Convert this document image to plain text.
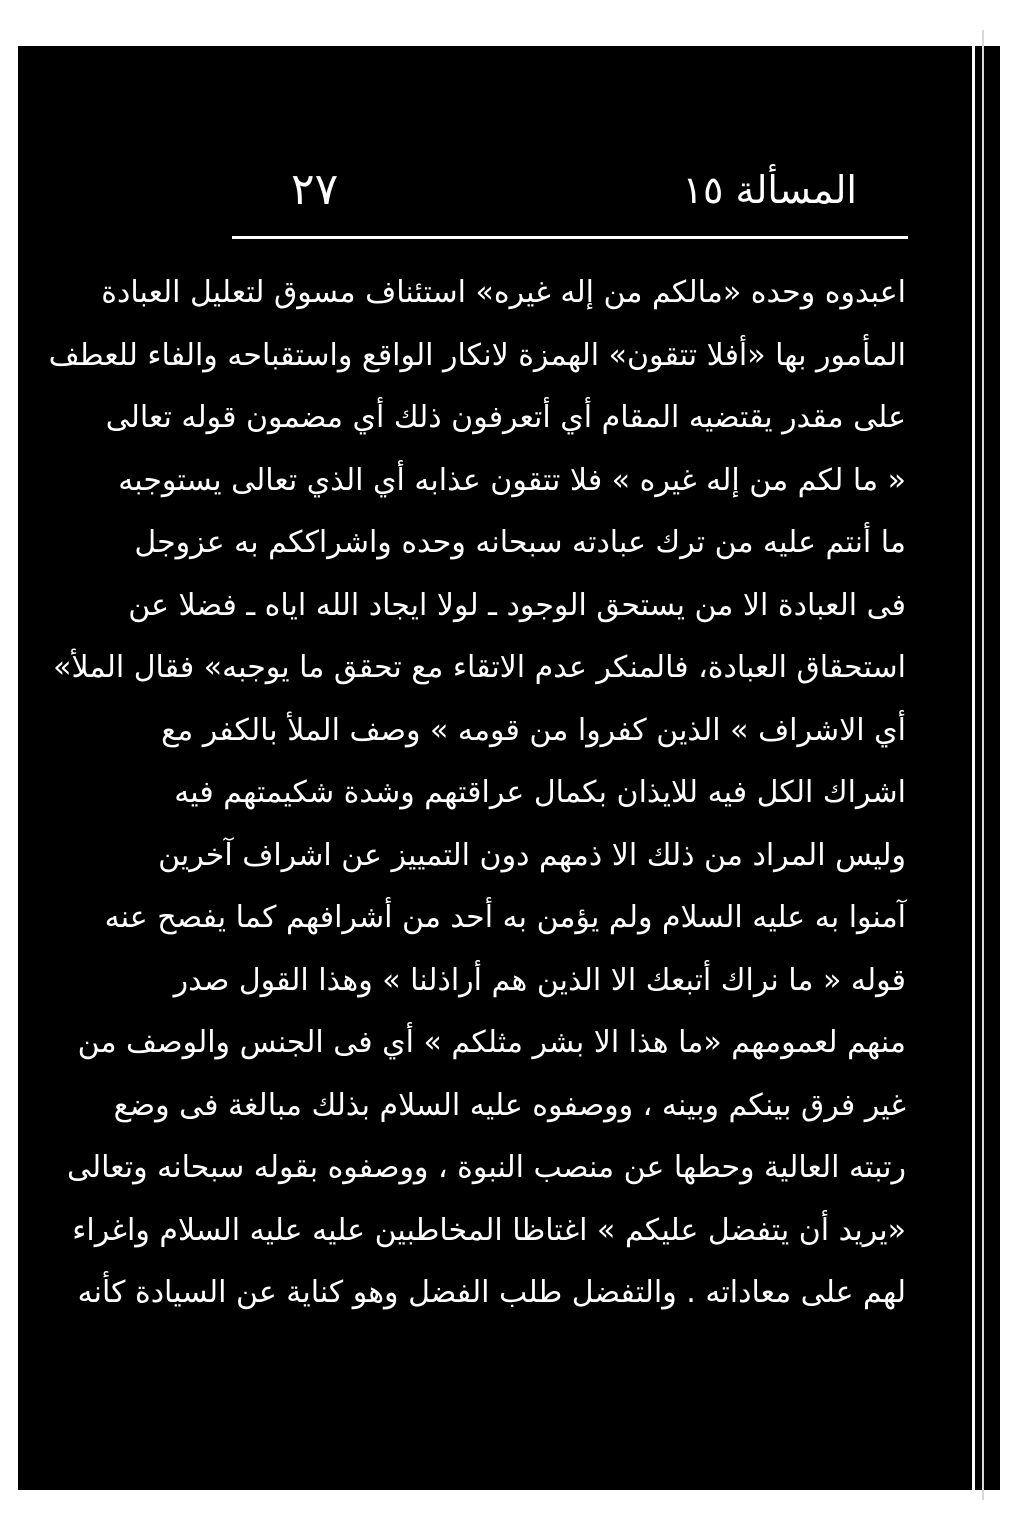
٢٧	المسألة ١٥
اعبدوه وحده «مالكم من إله غيره» استئناف مسوق لتعليل العبادة
المأمور بها «أفلا تتقون» الهمزة لانكار الواقع واستقباحه والفاء للعطف
على مقدر يقتضيه المقام أي أتعرفون ذلك أي مضمون قوله تعالى
« ما لكم من إله غيره » فلا تتقون عذابه أي الذي تعالى يستوجبه
ما أنتم عليه من ترك عبادته سبحانه وحده واشراككم به عزوجل
فى العبادة الا من يستحق الوجود ـ لولا ايجاد الله اياه ـ فضلا عن
استحقاق العبادة، فالمنكر عدم الاتقاء مع تحقق ما يوجبه» فقال الملأ»
أي الاشراف » الذين كفروا من قومه » وصف الملأ بالكفر مع
اشراك الكل فيه للايذان بكمال عراقتهم وشدة شكيمتهم فيه
وليس المراد من ذلك الا ذمهم دون التمييز عن اشراف آخرين
آمنوا به عليه السلام ولم يؤمن به أحد من أشرافهم كما يفصح عنه
قوله « ما نراك أتبعك الا الذين هم أراذلنا » وهذا القول صدر
منهم لعمومهم «ما هذا الا بشر مثلكم » أي فى الجنس والوصف من
غير فرق بينكم وبينه ، ووصفوه عليه السلام بذلك مبالغة فى وضع
رتبته العالية وحطها عن منصب النبوة ، ووصفوه بقوله سبحانه وتعالى
«يريد أن يتفضل عليكم » اغتاظا المخاطبين عليه عليه السلام واغراء
لهم على معاداته . والتفضل طلب الفضل وهو كناية عن السيادة كأنه
